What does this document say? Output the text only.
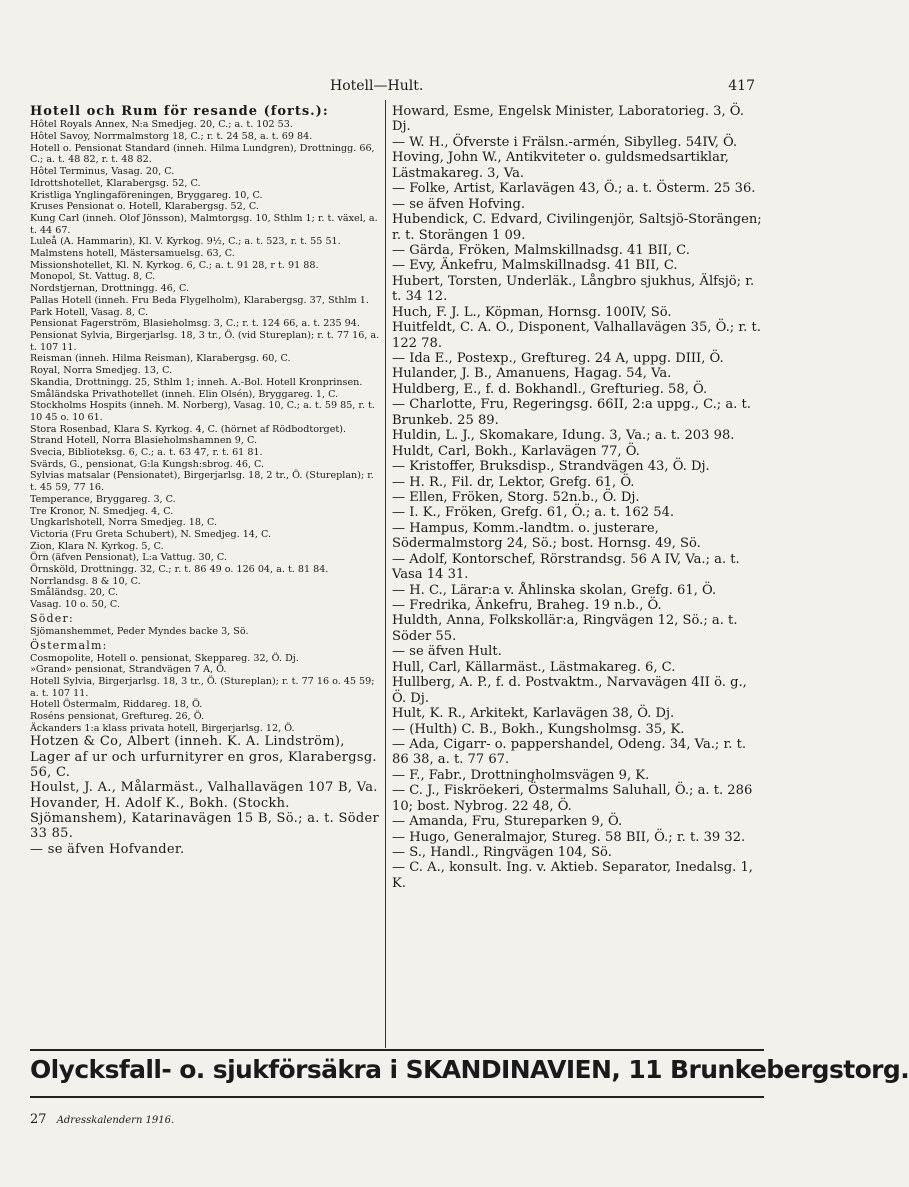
Hotell—Hult.	417

Hotell och Rum för resande (forts.):

Hôtel Royals Annex, N:a Smedjeg. 20, C.; a. t. 102 53.

Hôtel Savoy, Norrmalmstorg 18, C.; r. t. 24 58, a. t. 69 84.

Hotell o. Pensionat Standard (inneh. Hilma Lundgren), Drottningg. 66, C.; a. t. 48 82, r. t. 48 82.

Hôtel Terminus, Vasag. 20, C.

Idrottshotellet, Klarabergsg. 52, C.

Kristliga Ynglingaföreningen, Bryggareg. 10, C.

Kruses Pensionat o. Hotell, Klarabergsg. 52, C.

Kung Carl (inneh. Olof Jönsson), Malmtorgsg. 10, Sthlm 1; r. t. växel, a. t. 44 67.

Luleå (A. Hammarin), Kl. V. Kyrkog. 9½, C.; a. t. 523, r. t. 55 51.

Malmstens hotell, Mästersamuelsg. 63, C.

Missionshotellet, Kl. N. Kyrkog. 6, C.; a. t. 91 28, r t. 91 88.

Monopol, St. Vattug. 8, C.

Nordstjernan, Drottningg. 46, C.

Pallas Hotell (inneh. Fru Beda Flygelholm), Klarabergsg. 37, Sthlm 1.

Park Hotell, Vasag. 8, C.

Pensionat Fagerström, Blasieholmsg. 3, C.; r. t. 124 66, a. t. 235 94.

Pensionat Sylvia, Birgerjarlsg. 18, 3 tr., Ö. (vid Stureplan); r. t. 77 16, a. t. 107 11.

Reisman (inneh. Hilma Reisman), Klarabergsg. 60, C.

Royal, Norra Smedjeg. 13, C.

Skandia, Drottningg. 25, Sthlm 1; inneh. A.-Bol. Hotell Kronprinsen.

Småländska Privathotellet (inneh. Elin Olsén), Bryggareg. 1, C.

Stockholms Hospits (inneh. M. Norberg), Vasag. 10, C.; a. t. 59 85, r. t. 10 45 o. 10 61.

Stora Rosenbad, Klara S. Kyrkog. 4, C. (hörnet af Rödbodtorget).

Strand Hotell, Norra Blasieholmshamnen 9, C.

Svecia, Biblioteksg. 6, C.; a. t. 63 47, r. t. 61 81.

Svärds, G., pensionat, G:la Kungsh:sbrog. 46, C.

Sylvias matsalar (Pensionatet), Birgerjarlsg. 18, 2 tr., Ö. (Stureplan); r. t. 45 59, 77 16.

Temperance, Bryggareg. 3, C.

Tre Kronor, N. Smedjeg. 4, C.

Ungkarlshotell, Norra Smedjeg. 18, C.

Victoria (Fru Greta Schubert), N. Smedjeg. 14, C.

Zion, Klara N. Kyrkog. 5, C.

Örn (äfven Pensionat), L:a Vattug. 30, C.

Örnsköld, Drottningg. 32, C.; r. t. 86 49 o. 126 04, a. t. 81 84.

Norrlandsg. 8 & 10, C.

Småländsg. 20, C.

Vasag. 10 o. 50, C.

Söder:

Sjömanshemmet, Peder Myndes backe 3, Sö.

Östermalm:

Cosmopolite, Hotell o. pensionat, Skeppareg. 32, Ö. Dj.

»Grand» pensionat, Strandvägen 7 A, Ö.

Hotell Sylvia, Birgerjarlsg. 18, 3 tr., Ö. (Stureplan); r. t. 77 16 o. 45 59; a. t. 107 11.

Hotell Östermalm, Riddareg. 18, Ö.

Roséns pensionat, Greftureg. 26, Ö.

Äckanders 1:a klass privata hotell, Birgerjarlsg. 12, Ö.

Hotzen & Co, Albert (inneh. K. A. Lindström), Lager af ur och urfurnityrer en gros, Klarabergsg. 56, C.

Houlst, J. A., Målarmäst., Valhallavägen 107 B, Va.

Hovander, H. Adolf K., Bokh. (Stockh. Sjömanshem), Katarinavägen 15 B, Sö.; a. t. Söder 33 85.

— se äfven Hofvander.

Howard, Esme, Engelsk Minister, Laboratorieg. 3, Ö. Dj.

— W. H., Öfverste i Frälsn.-armén, Sibylleg. 54IV, Ö.

Hoving, John W., Antikviteter o. guldsmedsartiklar, Lästmakareg. 3, Va.

— Folke, Artist, Karlavägen 43, Ö.; a. t. Österm. 25 36.

— se äfven Hofving.

Hubendick, C. Edvard, Civilingenjör, Saltsjö-Storängen; r. t. Storängen 1 09.

— Gärda, Fröken, Malmskillnadsg. 41 BII, C.

— Evy, Änkefru, Malmskillnadsg. 41 BII, C.

Hubert, Torsten, Underläk., Långbro sjukhus, Älfsjö; r. t. 34 12.

Huch, F. J. L., Köpman, Hornsg. 100IV, Sö.

Huitfeldt, C. A. O., Disponent, Valhallavägen 35, Ö.; r. t. 122 78.

— Ida E., Postexp., Greftureg. 24 A, uppg. DIII, Ö.

Hulander, J. B., Amanuens, Hagag. 54, Va.

Huldberg, E., f. d. Bokhandl., Grefturieg. 58, Ö.

— Charlotte, Fru, Regeringsg. 66II, 2:a uppg., C.; a. t. Brunkeb. 25 89.

Huldin, L. J., Skomakare, Idung. 3, Va.; a. t. 203 98.

Huldt, Carl, Bokh., Karlavägen 77, Ö.

— Kristoffer, Bruksdisp., Strandvägen 43, Ö. Dj.

— H. R., Fil. dr, Lektor, Grefg. 61, Ö.

— Ellen, Fröken, Storg. 52n.b., Ö. Dj.

— I. K., Fröken, Grefg. 61, Ö.; a. t. 162 54.

— Hampus, Komm.-landtm. o. justerare, Södermalmstorg 24, Sö.; bost. Hornsg. 49, Sö.

— Adolf, Kontorschef, Rörstrandsg. 56 A IV, Va.; a. t. Vasa 14 31.

— H. C., Lärar:a v. Åhlinska skolan, Grefg. 61, Ö.

— Fredrika, Änkefru, Braheg. 19 n.b., Ö.

Huldth, Anna, Folkskollär:a, Ringvägen 12, Sö.; a. t. Söder 55.

— se äfven Hult.

Hull, Carl, Källarmäst., Lästmakareg. 6, C.

Hullberg, A. P., f. d. Postvaktm., Narvavägen 4II ö. g., Ö. Dj.

Hult, K. R., Arkitekt, Karlavägen 38, Ö. Dj.

— (Hulth) C. B., Bokh., Kungsholmsg. 35, K.

— Ada, Cigarr- o. pappershandel, Odeng. 34, Va.; r. t. 86 38, a. t. 77 67.

— F., Fabr., Drottningholmsvägen 9, K.

— C. J., Fiskröekeri, Östermalms Saluhall, Ö.; a. t. 286 10; bost. Nybrog. 22 48, Ö.

— Amanda, Fru, Stureparken 9, Ö.

— Hugo, Generalmajor, Stureg. 58 BII, Ö.; r. t. 39 32.

— S., Handl., Ringvägen 104, Sö.

— C. A., konsult. Ing. v. Aktieb. Separator, Inedalsg. 1, K.

Olycksfall- o. sjukförsäkra i SKANDINAVIEN, 11 Brunkebergstorg.
27 Adresskalendern 1916.
